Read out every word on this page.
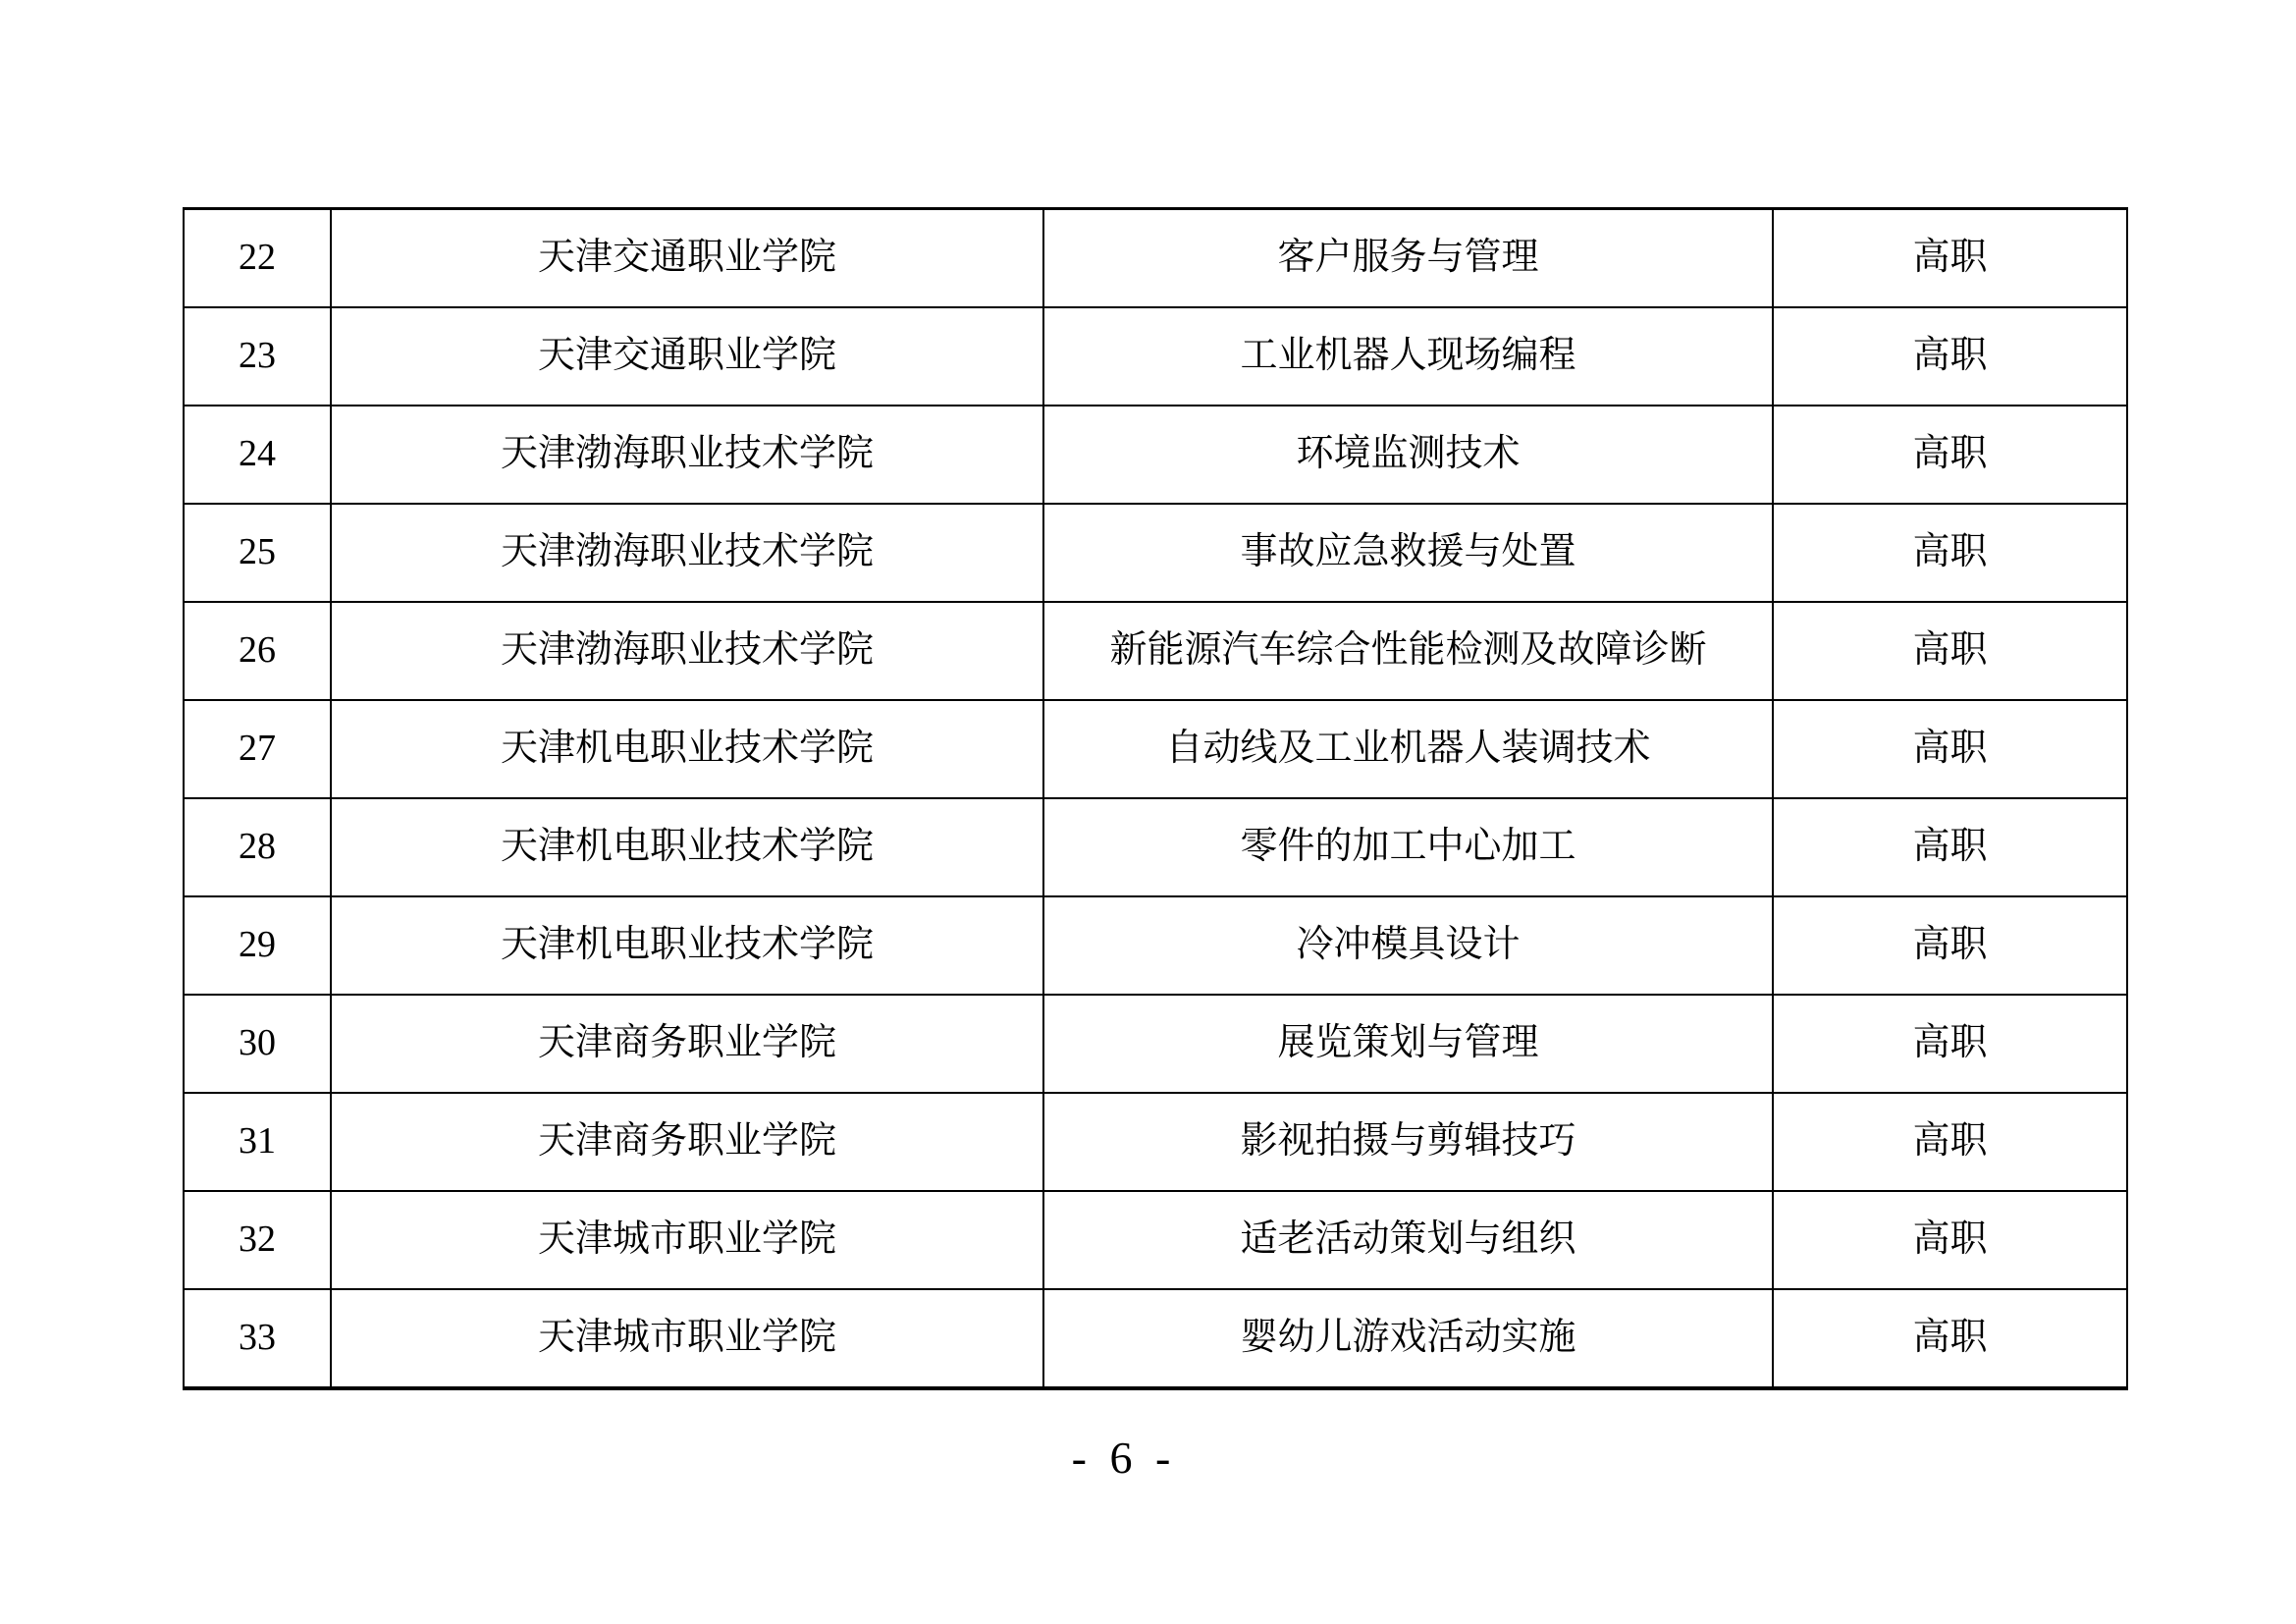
22	天津交通职业学院	客户服务与管理	高职
23	天津交通职业学院	工业机器人现场编程	高职
24	天津渤海职业技术学院	环境监测技术	高职
25	天津渤海职业技术学院	事故应急救援与处置	高职
26	天津渤海职业技术学院	新能源汽车综合性能检测及故障诊断	高职
27	天津机电职业技术学院	自动线及工业机器人装调技术	高职
28	天津机电职业技术学院	零件的加工中心加工	高职
29	天津机电职业技术学院	冷冲模具设计	高职
30	天津商务职业学院	展览策划与管理	高职
31	天津商务职业学院	影视拍摄与剪辑技巧	高职
32	天津城市职业学院	适老活动策划与组织	高职
33	天津城市职业学院	婴幼儿游戏活动实施	高职
- 6 -
